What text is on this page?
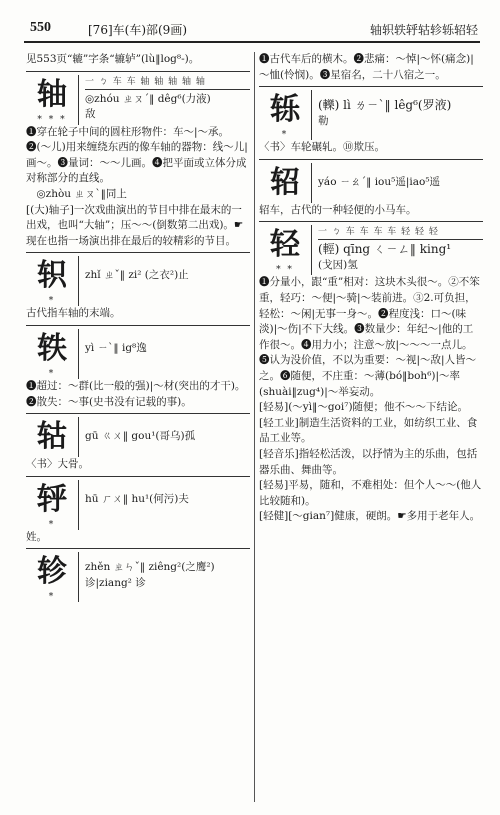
550	[76]车(车)部(9画)	轴轵轶轷轱轸轹轺轻

见553页“辘”字条“辘轳”(lù‖log⁸-)。

轴
* * *
一 ㄅ 车 车 轴 轴 轴 轴 轴
◎zhóu ㄓㄡˊ‖ dêg⁶(力液)
敌

❶穿在轮子中间的圆柱形物件：车～|～承。❷(～儿)用来缠绕东西的像车轴的器物：线～儿|画～。❸量词：～～儿画。❹把平面或立体分成对称部分的直线。

◎zhòu ㄓㄡˋ‖同上

[(大)轴子]一次戏曲演出的节目中排在最末的一出戏，也叫“大轴”；压～～(倒数第二出戏)。☛现在也指一场演出排在最后的较精彩的节目。

轵
*
zhǐ ㄓˇ‖ zi² (之衣²)止

古代指车轴的末端。

轶
*
yì ㄧˋ‖ ig⁸逸

❶超过：～群(比一般的强)|～材(突出的才干)。❷散失：～事(史书没有记载的事)。

轱 gū ㄍㄨ‖ gou¹(哥乌)孤

〈书〉大骨。

轷
*
hū ㄏㄨ‖ hu¹(何污)夫

姓。

轸
*
zhěn ㄓㄣˇ‖ ziêng²(之鹰²)
诊|ziang² 诊

❶古代车后的横木。❷悲痛：～悼|～怀(痛念)|～恤(怜悯)。❸星宿名，二十八宿之一。

轹
*
(轢) lì ㄌㄧˋ‖ lêg⁶(罗液)
勒

〈书〉车轮碾轧。⑩欺压。

轺 yáo ㄧㄠˊ‖ iou⁵遥|iao⁵遥

轺车，古代的一种轻便的小马车。

轻
* *
一 ㄅ 车 车 车 车 轻 轻 轻
(輕) qīng ㄑㄧㄥ‖ king¹
(戈因)氢

❶分量小，跟“重”相对：这块木头很～。②不笨重，轻巧：～便|～骑|～装前进。③2.可负担，轻松：～闲|无事一身～。❷程度浅：口～(味淡)|～伤|不下大线。❸数量少：年纪～|他的工作很～。❹用力小；注意～放|～～～一点儿。❺认为没价值，不以为重要：～视|～敌|人皆～之。❻随便，不庄重：～薄(bó‖boh⁶)|～率(shuài‖zug⁴)|～举妄动。

[轻易](～yì‖～goi⁷)随便；他不～～下结论。

[轻工业]制造生活资料的工业，如纺织工业、食品工业等。

[轻音乐]指轻松活泼，以抒情为主的乐曲，包括器乐曲、舞曲等。

[轻易]平易，随和，不难相处：但个人～～(他人比较随和)。

[轻健][～gian⁷]健康，硬朗。☛多用于老年人。
